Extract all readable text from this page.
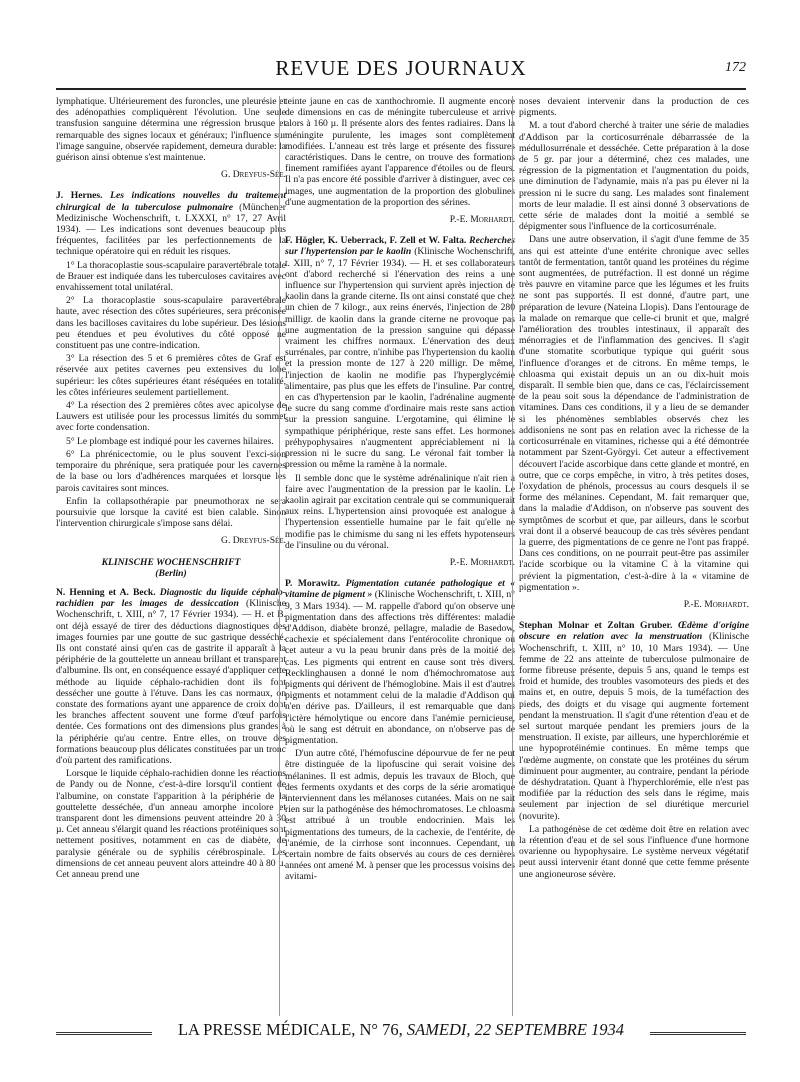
REVUE DES JOURNAUX	172

lymphatique. Ultérieurement des furoncles, une pleurésie et des adénopathies compliquèrent l'évolution. Une seule transfusion sanguine détermina une régression brusque et remarquable des signes locaux et généraux; l'influence sur l'image sanguine, observée rapidement, demeura durable: la guérison ainsi obtenue s'est maintenue.

G. Dreyfus-Sée.

J. Hernes. Les indications nouvelles du traitement chirurgical de la tuberculose pulmonaire (Münchener Medizinische Wochenschrift, t. LXXXI, n° 17, 27 Avril 1934). — Les indications sont devenues beaucoup plus fréquentes, facilitées par les perfectionnements de la technique opératoire qui en réduit les risques.

1° La thoracoplastie sous-scapulaire paravertébrale totale de Brauer est indiquée dans les tuberculoses cavitaires avec envahissement total unilatéral.

2° La thoracoplastie sous-scapulaire paravertébrale haute, avec résection des côtes supérieures, sera préconisée dans les bacilloses cavitaires du lobe supérieur. Des lésions peu étendues et peu évolutives du côté opposé ne constituent pas une contre-indication.

3° La résection des 5 et 6 premières côtes de Graf est réservée aux petites cavernes peu extensives du lobe supérieur: les côtes supérieures étant réséquées en totalité, les côtes inférieures seulement partiellement.

4° La résection des 2 premières côtes avec apicolyse de Lauwers est utilisée pour les processus limités du sommet avec forte condensation.

5° Le plombage est indiqué pour les cavernes hilaires.

6° La phrénicectomie, ou le plus souvent l'exci-sion temporaire du phrénique, sera pratiquée pour les cavernes de la base ou lors d'adhérences marquées et lorsque les parois cavitaires sont minces.

Enfin la collapsothérapie par pneumothorax ne sera poursuivie que lorsque la cavité est bien calable. Sinon l'intervention chirurgicale s'impose sans délai.

G. Dreyfus-Sée.

KLINISCHE WOCHENSCHRIFT

(Berlin)

N. Henning et A. Beck. Diagnostic du liquide céphalo-rachidien par les images de dessiccation (Klinische Wochenschrift, t. XIII, n° 7, 17 Février 1934). — H. et B. ont déjà essayé de tirer des déductions diagnostiques des images fournies par une goutte de suc gastrique desséché. Ils ont constaté ainsi qu'en cas de gastrite il apparaît à la périphérie de la gouttelette un anneau brillant et transparent d'albumine. Ils ont, en conséquence essayé d'appliquer cette méthode au liquide céphalo-rachidien dont ils font dessécher une goutte à l'étuve. Dans les cas normaux, on constate des formations ayant une apparence de croix dont les branches affectent souvent une forme d'œuf parfois dentée. Ces formations ont des dimensions plus grandes à la périphérie qu'au centre. Entre elles, on trouve des formations beaucoup plus délicates constituées par un tronc d'où partent des ramifications.

Lorsque le liquide céphalo-rachidien donne les réactions de Pandy ou de Nonne, c'est-à-dire lorsqu'il contient de l'albumine, on constate l'apparition à la périphérie de la gouttelette desséchée, d'un anneau amorphe incolore et transparent dont les dimensions peuvent atteindre 20 à 30 µ. Cet anneau s'élargit quand les réactions protéiniques sont nettement positives, notamment en cas de diabète, de paralysie générale ou de syphilis cérébrospinale. Les dimensions de cet anneau peuvent alors atteindre 40 à 80 µ. Cet anneau prend une

teinte jaune en cas de xanthochromie. Il augmente encore de dimensions en cas de méningite tuberculeuse et arrive alors à 160 µ. Il présente alors des fentes radiaires. Dans la méningite purulente, les images sont complètement modifiées. L'anneau est très large et présente des fissures caractéristiques. Dans le centre, on trouve des formations finement ramifiées ayant l'apparence d'étoiles ou de fleurs. Il n'a pas encore été possible d'arriver à distinguer, avec ces images, une augmentation de la proportion des globulines d'une augmentation de la proportion des sérines.

P.-E. Morhardt.

F. Högler, K. Ueberrack, F. Zell et W. Falta. Recherches sur l'hypertension par le kaolin (Klinische Wochenschrift, t. XIII, n° 7, 17 Février 1934). — H. et ses collaborateurs ont d'abord recherché si l'énervation des reins a une influence sur l'hypertension qui survient après injection de kaolin dans la grande citerne. Ils ont ainsi constaté que chez un chien de 7 kilogr., aux reins énervés, l'injection de 280 milligr. de kaolin dans la grande citerne ne provoque pas une augmentation de la pression sanguine qui dépasse vraiment les chiffres normaux. L'énervation des deux surrénales, par contre, n'inhibe pas l'hypertension du kaolin et la pression monte de 127 à 220 milligr. De même, l'injection de kaolin ne modifie pas l'hyperglycémie alimentaire, pas plus que les effets de l'insuline. Par contre, en cas d'hypertension par le kaolin, l'adrénaline augmente le sucre du sang comme d'ordinaire mais reste sans action sur la pression sanguine. L'ergotamine, qui élimine le sympathique périphérique, reste sans effet. Les hormones préhypophysaires n'augmentent appréciablement ni la pression ni le sucre du sang. Le véronal fait tomber la pression ou même la ramène à la normale.

Il semble donc que le système adrénalinique n'ait rien à faire avec l'augmentation de la pression par le kaolin. Le kaolin agirait par excitation centrale qui se communiquerait aux reins. L'hypertension ainsi provoquée est analogue à l'hypertension essentielle humaine par le fait qu'elle ne modifie pas le chimisme du sang ni les effets hypotenseurs de l'insuline ou du véronal.

P.-E. Morhardt.

P. Morawitz. Pigmentation cutanée pathologique et « vitamine de pigment » (Klinische Wochenschrift, t. XIII, n° 9, 3 Mars 1934). — M. rappelle d'abord qu'on observe une pigmentation dans des affections très différentes: maladie d'Addison, diabète bronzé, pellagre, maladie de Basedow, cachexie et spécialement dans l'entérocolite chronique où cet auteur a vu la peau brunir dans près de la moitié des cas. Les pigments qui entrent en cause sont très divers. Recklinghausen a donné le nom d'hémochromatose aux pigments qui dérivent de l'hémoglobine. Mais il est d'autres pigments et notamment celui de la maladie d'Addison qui n'en dérive pas. D'ailleurs, il est remarquable que dans l'ictère hémolytique ou encore dans l'anémie pernicieuse, où le sang est détruit en abondance, on n'observe pas de pigmentation.

D'un autre côté, l'hémofuscine dépourvue de fer ne peut être distinguée de la lipofuscine qui serait voisine des mélanines. Il est admis, depuis les travaux de Bloch, que des ferments oxydants et des corps de la série aromatique interviennent dans les mélanoses cutanées. Mais on ne sait rien sur la pathogénèse des hémochromatoses. Le chloasma est attribué à un trouble endocrinien. Mais les pigmentations des tumeurs, de la cachexie, de l'entérite, de l'anémie, de la cirrhose sont inconnues. Cependant, un certain nombre de faits observés au cours de ces dernières années ont amené M. à penser que les processus voisins des avitami-

noses devaient intervenir dans la production de ces pigments.

M. a tout d'abord cherché à traiter une série de maladies d'Addison par la corticosurrénale débarrassée de la médullosurrénale et desséchée. Cette préparation à la dose de 5 gr. par jour a déterminé, chez ces malades, une régression de la pigmentation et l'augmentation du poids, une diminution de l'adynamie, mais n'a pas pu élever ni la pression ni le sucre du sang. Les malades sont finalement morts de leur maladie. Il est ainsi donné 3 observations de cette série de malades dont la moitié a semblé se dépigmenter sous l'influence de la corticosurrénale.

Dans une autre observation, il s'agit d'une femme de 35 ans qui est atteinte d'une entérite chronique avec selles tantôt de fermentation, tantôt quand les protéines du régime sont augmentées, de putréfaction. Il est donné un régime très pauvre en vitamine parce que les légumes et les fruits ne sont pas supportés. Il est donné, d'autre part, une préparation de levure (Nateina Llopis). Dans l'entourage de la malade on remarque que celle-ci brunit et que, malgré l'amélioration des troubles intestinaux, il apparaît des ménorragies et de l'inflammation des gencives. Il s'agit d'une stomatite scorbutique typique qui guérit sous l'influence d'oranges et de citrons. En même temps, le chloasma qui existait depuis un an ou dix-huit mois disparaît. Il semble bien que, dans ce cas, l'éclaircissement de la peau soit sous la dépendance de l'administration de vitamines. Dans ces conditions, il y a lieu de se demander si les phénomènes semblables observés chez les addisoniens ne sont pas en relation avec la richesse de la corticosurrénale en vitamines, richesse qui a été démontrée notamment par Szent-Györgyi. Cet auteur a effectivement découvert l'acide ascorbique dans cette glande et montré, en outre, que ce corps empêche, in vitro, à très petites doses, l'oxydation de phénols, processus au cours desquels il se forme des mélanines. Cependant, M. fait remarquer que, dans la maladie d'Addison, on n'observe pas souvent des symptômes de scorbut et que, par ailleurs, dans le scorbut vrai dont il a observé beaucoup de cas très sévères pendant la guerre, des pigmentations de ce genre ne l'ont pas frappé. Dans ces conditions, on ne pourrait peut-être pas assimiler l'acide scorbique ou la vitamine C à la vitamine qui prévient la pigmentation, c'est-à-dire à la « vitamine de pigmentation ».

P.-E. Morhardt.

Stephan Molnar et Zoltan Gruber. Œdème d'origine obscure en relation avec la menstruation (Klinische Wochenschrift, t. XIII, n° 10, 10 Mars 1934). — Une femme de 22 ans atteinte de tuberculose pulmonaire de forme fibreuse présente, depuis 5 ans, quand le temps est froid et humide, des troubles vasomoteurs des pieds et des mains et, en outre, depuis 5 mois, de la tuméfaction des pieds, des doigts et du visage qui augmente fortement pendant la menstruation. Il s'agit d'une rétention d'eau et de sel surtout marquée pendant les premiers jours de la menstruation. Il existe, par ailleurs, une hyperchlorémie et une hypoprotéinémie continues. En même temps que l'œdème augmente, on constate que les protéines du sérum diminuent pour augmenter, au contraire, pendant la période de déshydratation. Quant à l'hyperchlorémie, elle n'est pas modifiée par la réduction des sels dans le régime, mais seulement par injection de sel diurétique mercuriel (novurite).

La pathogénèse de cet œdème doit être en relation avec la rétention d'eau et de sel sous l'influence d'une hormone ovarienne ou hypophysaire. Le système nerveux végétatif peut aussi intervenir étant donné que cette femme présente une angioneurose sévère.

LA PRESSE MÉDICALE, N° 76, SAMEDI, 22 SEPTEMBRE 1934
